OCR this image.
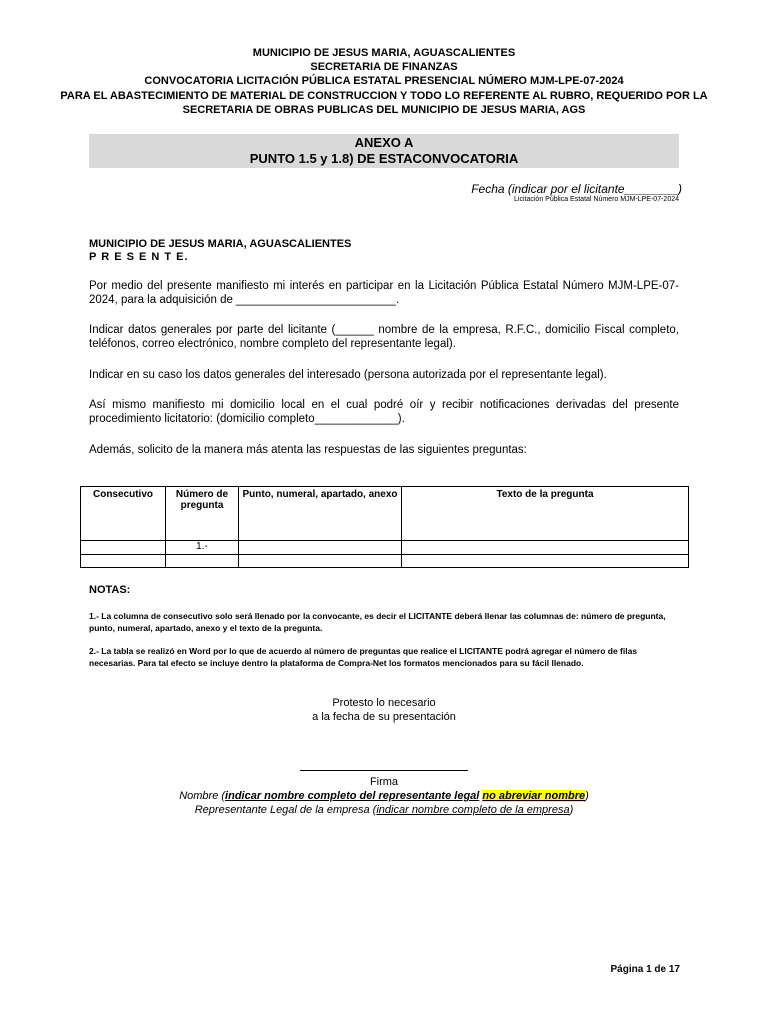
MUNICIPIO DE JESUS MARIA, AGUASCALIENTES
SECRETARIA DE FINANZAS
CONVOCATORIA LICITACIÓN PÚBLICA ESTATAL PRESENCIAL NÚMERO MJM-LPE-07-2024
PARA EL ABASTECIMIENTO DE MATERIAL DE CONSTRUCCION Y TODO LO REFERENTE AL RUBRO, REQUERIDO POR LA
SECRETARIA DE OBRAS PUBLICAS DEL MUNICIPIO DE JESUS MARIA, AGS
ANEXO A
PUNTO 1.5 y 1.8) DE ESTACONVOCATORIA
Fecha (indicar por el licitante________)
Licitación Pública Estatal Número MJM-LPE-07-2024
MUNICIPIO DE JESUS MARIA, AGUASCALIENTES
P R E S E N T E.
Por medio del presente manifiesto mi interés en participar en la Licitación Pública Estatal Número MJM-LPE-07-2024, para la adquisición de _________________________.
Indicar datos generales por parte del licitante (______ nombre de la empresa, R.F.C., domicilio Fiscal completo, teléfonos, correo electrónico, nombre completo del representante legal).
Indicar en su caso los datos generales del interesado (persona autorizada por el representante legal).
Así mismo manifiesto mi domicilio local en el cual podré oír y recibir notificaciones derivadas del presente procedimiento licitatorio: (domicilio completo_____________).
Además, solicito de la manera más atenta las respuestas de las siguientes preguntas:
Consecutivo	Número de pregunta	Punto, numeral, apartado, anexo	Texto de la pregunta
	1.-		

NOTAS:
1.- La columna de consecutivo solo será llenado por la convocante, es decir el LICITANTE deberá llenar las columnas de: número de pregunta, punto, numeral, apartado, anexo y el texto de la pregunta.
2.- La tabla se realizó en Word por lo que de acuerdo al número de preguntas que realice el LICITANTE podrá agregar el número de filas necesarias. Para tal efecto se incluye dentro la plataforma de Compra-Net los formatos mencionados para su fácil llenado.
Protesto lo necesario
a la fecha de su presentación
Firma
Nombre (indicar nombre completo del representante legal no abreviar nombre)
Representante Legal de la empresa (indicar nombre completo de la empresa)
Página 1 de 17
